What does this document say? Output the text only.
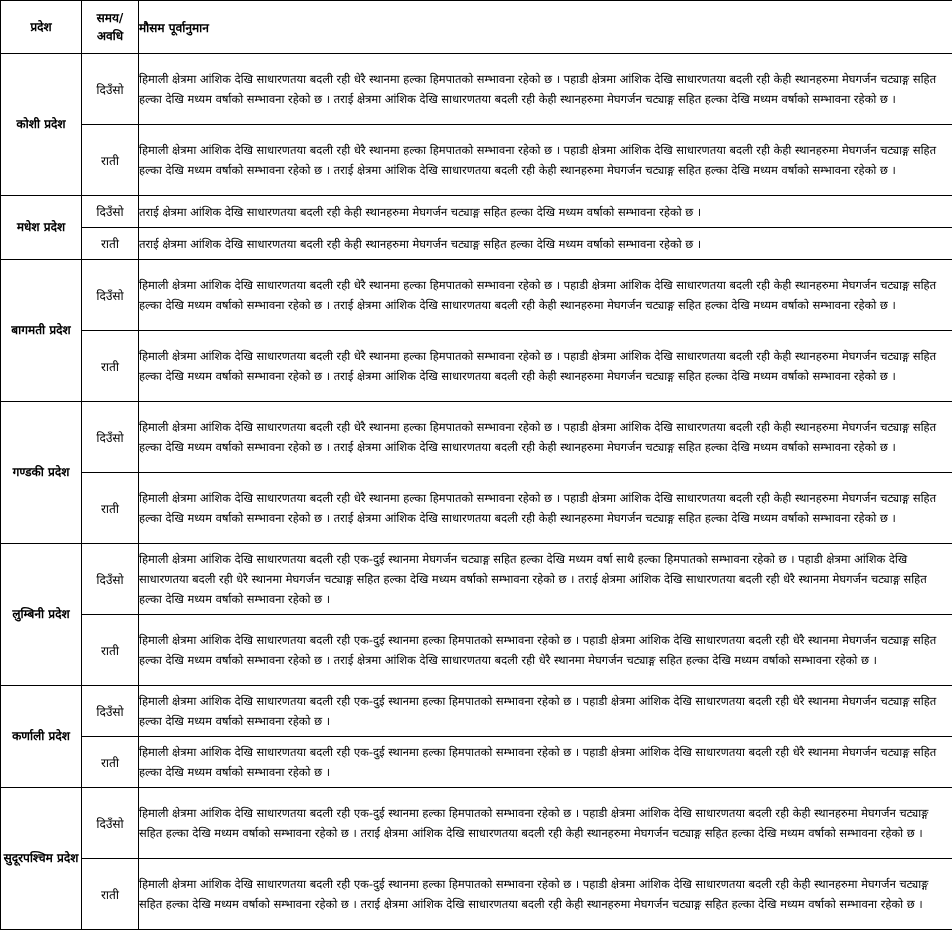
प्रदेश	समय/ अवधि	मौसम पूर्वानुमान
कोशी प्रदेश	दिउँसो	हिमाली क्षेत्रमा आंशिक देखि साधारणतया बदली रही धेरै स्थानमा हल्का हिमपातको सम्भावना रहेको छ । पहाडी क्षेत्रमा आंशिक देखि साधारणतया बदली रही केही स्थानहरुमा मेघगर्जन चट्याङ्ग सहित हल्का देखि मध्यम वर्षाको सम्भावना रहेको छ । तराई क्षेत्रमा आंशिक देखि साधारणतया बदली रही केही स्थानहरुमा मेघगर्जन चट्याङ्ग सहित हल्का देखि मध्यम वर्षाको सम्भावना रहेको छ ।
	राती	हिमाली क्षेत्रमा आंशिक देखि साधारणतया बदली रही धेरै स्थानमा हल्का हिमपातको सम्भावना रहेको छ । पहाडी क्षेत्रमा आंशिक देखि साधारणतया बदली रही केही स्थानहरुमा मेघगर्जन चट्याङ्ग सहित हल्का देखि मध्यम वर्षाको सम्भावना रहेको छ । तराई क्षेत्रमा आंशिक देखि साधारणतया बदली रही केही स्थानहरुमा मेघगर्जन चट्याङ्ग सहित हल्का देखि मध्यम वर्षाको सम्भावना रहेको छ ।
मधेश प्रदेश	दिउँसो	तराई क्षेत्रमा आंशिक देखि साधारणतया बदली रही केही स्थानहरुमा मेघगर्जन चट्याङ्ग सहित हल्का देखि मध्यम वर्षाको सम्भावना रहेको छ ।
	राती	तराई क्षेत्रमा आंशिक देखि साधारणतया बदली रही केही स्थानहरुमा मेघगर्जन चट्याङ्ग सहित हल्का देखि मध्यम वर्षाको सम्भावना रहेको छ ।
बागमती प्रदेश	दिउँसो	हिमाली क्षेत्रमा आंशिक देखि साधारणतया बदली रही धेरै स्थानमा हल्का हिमपातको सम्भावना रहेको छ । पहाडी क्षेत्रमा आंशिक देखि साधारणतया बदली रही केही स्थानहरुमा मेघगर्जन चट्याङ्ग सहित हल्का देखि मध्यम वर्षाको सम्भावना रहेको छ । तराई क्षेत्रमा आंशिक देखि साधारणतया बदली रही केही स्थानहरुमा मेघगर्जन चट्याङ्ग सहित हल्का देखि मध्यम वर्षाको सम्भावना रहेको छ ।
	राती	हिमाली क्षेत्रमा आंशिक देखि साधारणतया बदली रही धेरै स्थानमा हल्का हिमपातको सम्भावना रहेको छ । पहाडी क्षेत्रमा आंशिक देखि साधारणतया बदली रही केही स्थानहरुमा मेघगर्जन चट्याङ्ग सहित हल्का देखि मध्यम वर्षाको सम्भावना रहेको छ । तराई क्षेत्रमा आंशिक देखि साधारणतया बदली रही केही स्थानहरुमा मेघगर्जन चट्याङ्ग सहित हल्का देखि मध्यम वर्षाको सम्भावना रहेको छ ।
गण्डकी प्रदेश	दिउँसो	हिमाली क्षेत्रमा आंशिक देखि साधारणतया बदली रही धेरै स्थानमा हल्का हिमपातको सम्भावना रहेको छ । पहाडी क्षेत्रमा आंशिक देखि साधारणतया बदली रही केही स्थानहरुमा मेघगर्जन चट्याङ्ग सहित हल्का देखि मध्यम वर्षाको सम्भावना रहेको छ । तराई क्षेत्रमा आंशिक देखि साधारणतया बदली रही केही स्थानहरुमा मेघगर्जन चट्याङ्ग सहित हल्का देखि मध्यम वर्षाको सम्भावना रहेको छ ।
	राती	हिमाली क्षेत्रमा आंशिक देखि साधारणतया बदली रही धेरै स्थानमा हल्का हिमपातको सम्भावना रहेको छ । पहाडी क्षेत्रमा आंशिक देखि साधारणतया बदली रही केही स्थानहरुमा मेघगर्जन चट्याङ्ग सहित हल्का देखि मध्यम वर्षाको सम्भावना रहेको छ । तराई क्षेत्रमा आंशिक देखि साधारणतया बदली रही केही स्थानहरुमा मेघगर्जन चट्याङ्ग सहित हल्का देखि मध्यम वर्षाको सम्भावना रहेको छ ।
लुम्बिनी प्रदेश	दिउँसो	हिमाली क्षेत्रमा आंशिक देखि साधारणतया बदली रही एक-दुई स्थानमा मेघगर्जन चट्याङ्ग सहित हल्का देखि मध्यम वर्षा साथै हल्का हिमपातको सम्भावना रहेको छ । पहाडी क्षेत्रमा आंशिक देखि साधारणतया बदली रही धेरै स्थानमा मेघगर्जन चट्याङ्ग सहित हल्का देखि मध्यम वर्षाको सम्भावना रहेको छ । तराई क्षेत्रमा आंशिक देखि साधारणतया बदली रही धेरै स्थानमा मेघगर्जन चट्याङ्ग सहित हल्का देखि मध्यम वर्षाको सम्भावना रहेको छ ।
	राती	हिमाली क्षेत्रमा आंशिक देखि साधारणतया बदली रही एक-दुई स्थानमा हल्का हिमपातको सम्भावना रहेको छ । पहाडी क्षेत्रमा आंशिक देखि साधारणतया बदली रही धेरै स्थानमा मेघगर्जन चट्याङ्ग सहित हल्का देखि मध्यम वर्षाको सम्भावना रहेको छ । तराई क्षेत्रमा आंशिक देखि साधारणतया बदली रही धेरै स्थानमा मेघगर्जन चट्याङ्ग सहित हल्का देखि मध्यम वर्षाको सम्भावना रहेको छ ।
कर्णाली प्रदेश	दिउँसो	हिमाली क्षेत्रमा आंशिक देखि साधारणतया बदली रही एक-दुई स्थानमा हल्का हिमपातको सम्भावना रहेको छ । पहाडी क्षेत्रमा आंशिक देखि साधारणतया बदली रही धेरै स्थानमा मेघगर्जन चट्याङ्ग सहित हल्का देखि मध्यम वर्षाको सम्भावना रहेको छ ।
	राती	हिमाली क्षेत्रमा आंशिक देखि साधारणतया बदली रही एक-दुई स्थानमा हल्का हिमपातको सम्भावना रहेको छ । पहाडी क्षेत्रमा आंशिक देखि साधारणतया बदली रही धेरै स्थानमा मेघगर्जन चट्याङ्ग सहित हल्का देखि मध्यम वर्षाको सम्भावना रहेको छ ।
सुदूरपश्चिम प्रदेश	दिउँसो	हिमाली क्षेत्रमा आंशिक देखि साधारणतया बदली रही एक-दुई स्थानमा हल्का हिमपातको सम्भावना रहेको छ । पहाडी क्षेत्रमा आंशिक देखि साधारणतया बदली रही केही स्थानहरुमा मेघगर्जन चट्याङ्ग सहित हल्का देखि मध्यम वर्षाको सम्भावना रहेको छ । तराई क्षेत्रमा आंशिक देखि साधारणतया बदली रही केही स्थानहरुमा मेघगर्जन चट्याङ्ग सहित हल्का देखि मध्यम वर्षाको सम्भावना रहेको छ ।
	राती	हिमाली क्षेत्रमा आंशिक देखि साधारणतया बदली रही एक-दुई स्थानमा हल्का हिमपातको सम्भावना रहेको छ । पहाडी क्षेत्रमा आंशिक देखि साधारणतया बदली रही केही स्थानहरुमा मेघगर्जन चट्याङ्ग सहित हल्का देखि मध्यम वर्षाको सम्भावना रहेको छ । तराई क्षेत्रमा आंशिक देखि साधारणतया बदली रही केही स्थानहरुमा मेघगर्जन चट्याङ्ग सहित हल्का देखि मध्यम वर्षाको सम्भावना रहेको छ ।
